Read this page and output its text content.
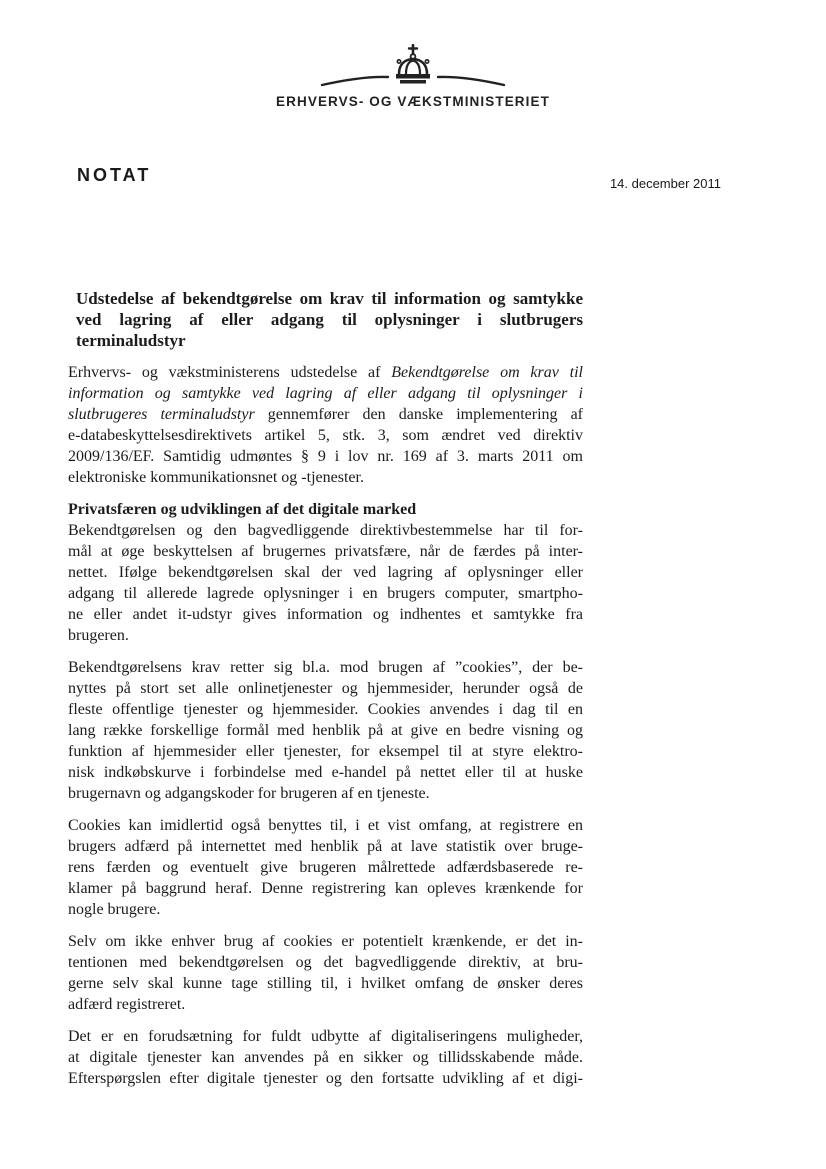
ERHVERVS- OG VÆKSTMINISTERIET
NOTAT	14. december 2011
Udstedelse af bekendtgørelse om krav til information og samtykke
ved lagring af eller adgang til oplysninger i slutbrugers
terminaludstyr
Erhvervs- og vækstministerens udstedelse af Bekendtgørelse om krav til
information og samtykke ved lagring af eller adgang til oplysninger i
slutbrugeres terminaludstyr gennemfører den danske implementering af
e-databeskyttelsesdirektivets artikel 5, stk. 3, som ændret ved direktiv
2009/136/EF. Samtidig udmøntes § 9 i lov nr. 169 af 3. marts 2011 om
elektroniske kommunikationsnet og -tjenester.
Privatsfæren og udviklingen af det digitale marked
Bekendtgørelsen og den bagvedliggende direktivbestemmelse har til for-
mål at øge beskyttelsen af brugernes privatsfære, når de færdes på inter-
nettet. Ifølge bekendtgørelsen skal der ved lagring af oplysninger eller
adgang til allerede lagrede oplysninger i en brugers computer, smartpho-
ne eller andet it-udstyr gives information og indhentes et samtykke fra
brugeren.
Bekendtgørelsens krav retter sig bl.a. mod brugen af ”cookies”, der be-
nyttes på stort set alle onlinetjenester og hjemmesider, herunder også de
fleste offentlige tjenester og hjemmesider. Cookies anvendes i dag til en
lang række forskellige formål med henblik på at give en bedre visning og
funktion af hjemmesider eller tjenester, for eksempel til at styre elektro-
nisk indkøbskurve i forbindelse med e-handel på nettet eller til at huske
brugernavn og adgangskoder for brugeren af en tjeneste.
Cookies kan imidlertid også benyttes til, i et vist omfang, at registrere en
brugers adfærd på internettet med henblik på at lave statistik over bruge-
rens færden og eventuelt give brugeren målrettede adfærdsbaserede re-
klamer på baggrund heraf. Denne registrering kan opleves krænkende for
nogle brugere.
Selv om ikke enhver brug af cookies er potentielt krænkende, er det in-
tentionen med bekendtgørelsen og det bagvedliggende direktiv, at bru-
gerne selv skal kunne tage stilling til, i hvilket omfang de ønsker deres
adfærd registreret.
Det er en forudsætning for fuldt udbytte af digitaliseringens muligheder,
at digitale tjenester kan anvendes på en sikker og tillidsskabende måde.
Efterspørgslen efter digitale tjenester og den fortsatte udvikling af et digi-
